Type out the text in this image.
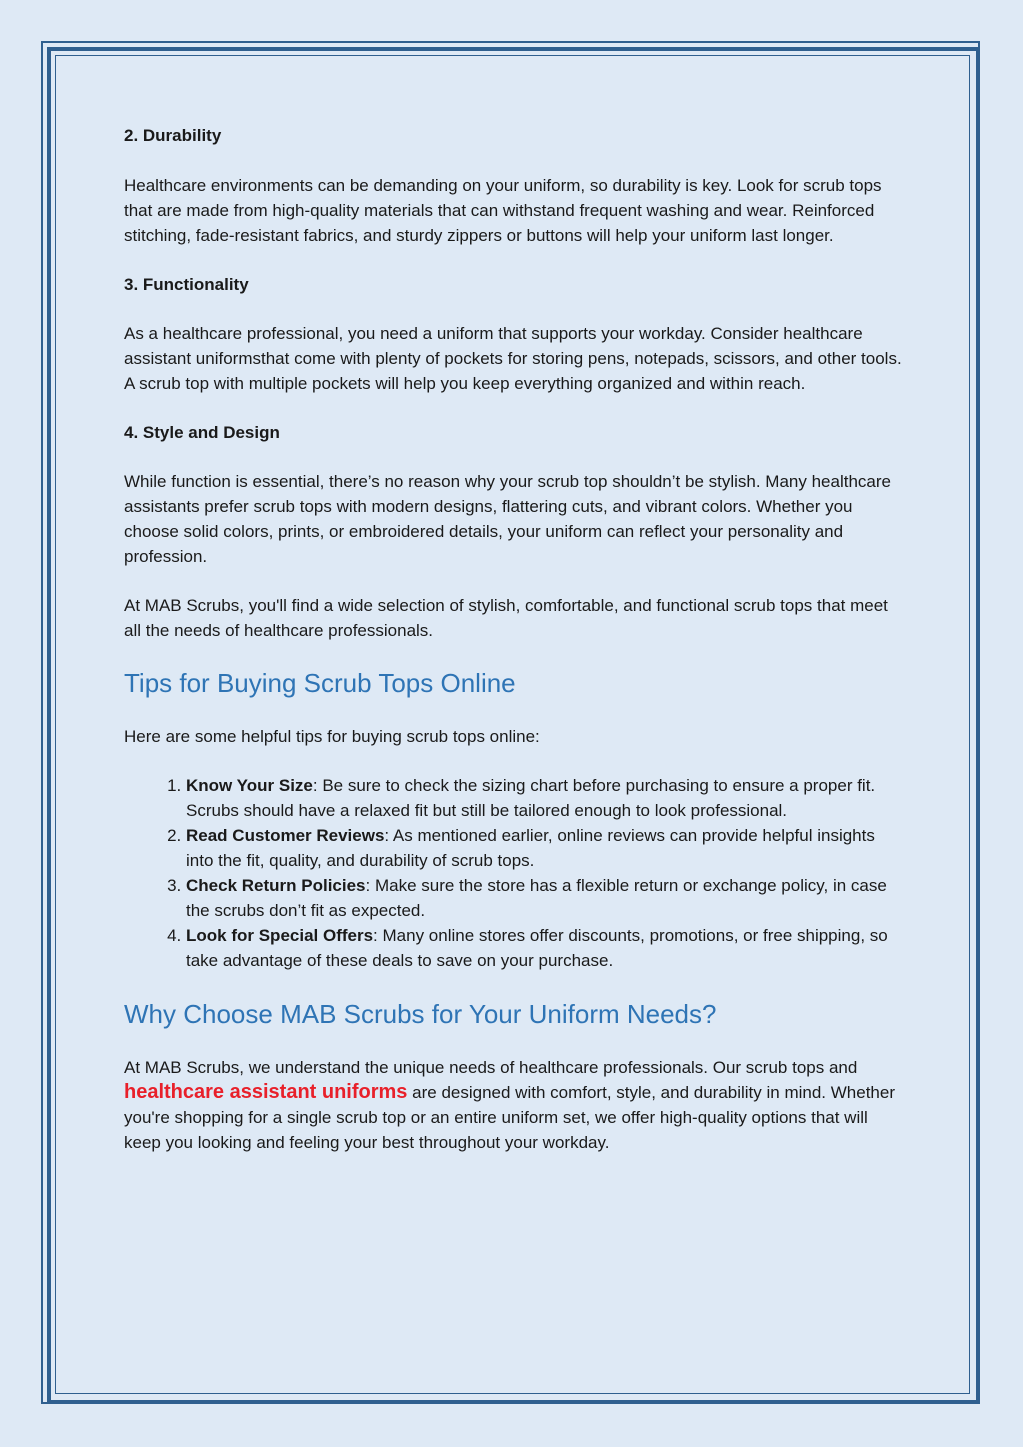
2. Durability

Healthcare environments can be demanding on your uniform, so durability is key. Look for scrub tops that are made from high-quality materials that can withstand frequent washing and wear. Reinforced stitching, fade-resistant fabrics, and sturdy zippers or buttons will help your uniform last longer.

3. Functionality

As a healthcare professional, you need a uniform that supports your workday. Consider healthcare assistant uniformsthat come with plenty of pockets for storing pens, notepads, scissors, and other tools. A scrub top with multiple pockets will help you keep everything organized and within reach.

4. Style and Design

While function is essential, there’s no reason why your scrub top shouldn’t be stylish. Many healthcare assistants prefer scrub tops with modern designs, flattering cuts, and vibrant colors. Whether you choose solid colors, prints, or embroidered details, your uniform can reflect your personality and profession.

At MAB Scrubs, you'll find a wide selection of stylish, comfortable, and functional scrub tops that meet all the needs of healthcare professionals.

Tips for Buying Scrub Tops Online

Here are some helpful tips for buying scrub tops online:

1. Know Your Size: Be sure to check the sizing chart before purchasing to ensure a proper fit. Scrubs should have a relaxed fit but still be tailored enough to look professional.
2. Read Customer Reviews: As mentioned earlier, online reviews can provide helpful insights into the fit, quality, and durability of scrub tops.
3. Check Return Policies: Make sure the store has a flexible return or exchange policy, in case the scrubs don’t fit as expected.
4. Look for Special Offers: Many online stores offer discounts, promotions, or free shipping, so take advantage of these deals to save on your purchase.
Why Choose MAB Scrubs for Your Uniform Needs?

At MAB Scrubs, we understand the unique needs of healthcare professionals. Our scrub tops and healthcare assistant uniforms are designed with comfort, style, and durability in mind. Whether you're shopping for a single scrub top or an entire uniform set, we offer high-quality options that will keep you looking and feeling your best throughout your workday.
